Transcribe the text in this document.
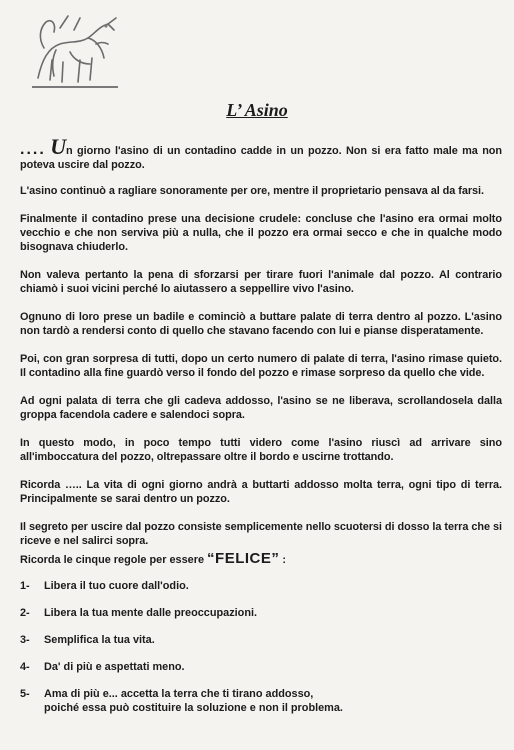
L’ Asino

.... Un giorno l'asino di un contadino cadde in un pozzo. Non si era fatto male ma non poteva uscire dal pozzo.

L'asino continuò a ragliare sonoramente per ore, mentre il proprietario pensava al da farsi.

Finalmente il contadino prese una decisione crudele: concluse che l'asino era ormai molto vecchio e che non serviva più a nulla, che il pozzo era ormai secco e che in qualche modo bisognava chiuderlo.

Non valeva pertanto la pena di sforzarsi per tirare fuori l'animale dal pozzo. Al contrario chiamò i suoi vicini perché lo aiutassero a seppellire vivo l'asino.

Ognuno di loro prese un badile e cominciò a buttare palate di terra dentro al pozzo. L'asino non tardò a rendersi conto di quello che stavano facendo con lui e pianse disperatamente.

Poi, con gran sorpresa di tutti, dopo un certo numero di palate di terra, l'asino rimase quieto. Il contadino alla fine guardò verso il fondo del pozzo e rimase sorpreso da quello che vide.

Ad ogni palata di terra che gli cadeva addosso, l'asino se ne liberava, scrollandosela dalla groppa facendola cadere e salendoci sopra.

In questo modo, in poco tempo tutti videro come l'asino riuscì ad arrivare sino all'imboccatura del pozzo, oltrepassare oltre il bordo e uscirne trottando.

Ricorda ….. La vita di ogni giorno andrà a buttarti addosso molta terra, ogni tipo di terra. Principalmente se sarai dentro un pozzo.

Il segreto per uscire dal pozzo consiste semplicemente nello scuotersi di dosso la terra che si riceve e nel salirci sopra.

Ricorda le cinque regole per essere “FELICE” :
1-	Libera il tuo cuore dall'odio.
2-	Libera la tua mente dalle preoccupazioni.
3-	Semplifica la tua vita.
4-	Da' di più e aspettati meno.
5-	Ama di più e... accetta la terra che ti tirano addosso,
poiché essa può costituire la soluzione e non il problema.
